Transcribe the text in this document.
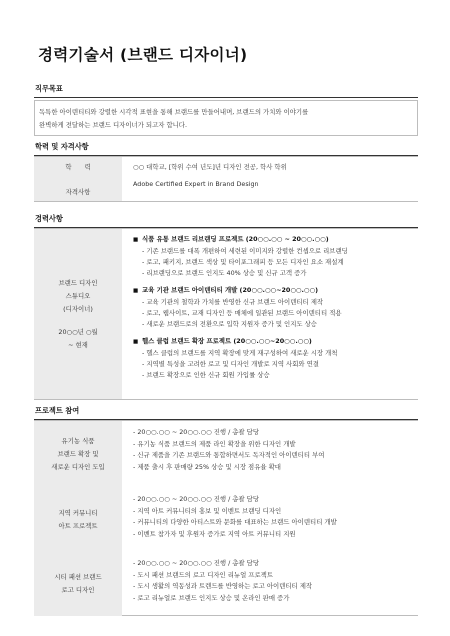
경력기술서 (브랜드 디자이너)
직무목표
독특한 아이덴티티와 강렬한 시각적 표현을 통해 브랜드를 만들어내며, 브랜드의 가치와 이야기를
완벽하게 전달하는 브랜드 디자이너가 되고자 합니다.
학력 및 자격사항
학력	○○ 대학교, [학위 수여 년도]년 디자인 전공, 학사 학위
Adobe Certified Expert in Brand Design
자격사항
경력사항
브랜드 디자인
스튜디오
(디자이너)
20○○년 ○월
~ 현재
■ 식품 유통 브랜드 리브랜딩 프로젝트 (20○○.○○ ~ 20○○.○○)
- 기존 브랜드를 대폭 개편하여 세련된 이미지와 강렬한 컨셉으로 리브랜딩
- 로고, 패키지, 브랜드 색상 및 타이포그래피 등 모든 디자인 요소 재설계
- 리브랜딩으로 브랜드 인지도 40% 상승 및 신규 고객 증가
■ 교육 기관 브랜드 아이덴티티 개발 (20○○.○○~20○○.○○)
- 교육 기관의 철학과 가치를 반영한 신규 브랜드 아이덴티티 제작
- 로고, 웹사이트, 교재 디자인 등 매체에 일관된 브랜드 아이덴티티 적용
- 새로운 브랜드로의 전환으로 입학 지원자 증가 및 인지도 상승
■ 헬스 클럽 브랜드 확장 프로젝트 (20○○.○○~20○○.○○)
- 헬스 클럽의 브랜드를 지역 확장에 맞게 재구성하여 새로운 시장 개척
- 지역별 특성을 고려한 로고 및 디자인 개발로 지역 사회와 연결
- 브랜드 확장으로 인한 신규 회원 가입률 상승
프로젝트 참여
유기농 식품
브랜드 확장 및
새로운 디자인 도입
- 20○○.○○ ~ 20○○.○○ 진행 / 총괄 담당
- 유기농 식품 브랜드의 제품 라인 확장을 위한 디자인 개발
- 신규 제품을 기존 브랜드와 통합하면서도 독자적인 아이덴티티 부여
- 제품 출시 후 판매량 25% 상승 및 시장 점유율 확대
지역 커뮤니티
아트 프로젝트
- 20○○.○○ ~ 20○○.○○ 진행 / 총괄 담당
- 지역 아트 커뮤니티의 홍보 및 이벤트 브랜딩 디자인
- 커뮤니티의 다양한 아티스트와 문화를 대표하는 브랜드 아이덴티티 개발
- 이벤트 참가자 및 후원자 증가로 지역 아트 커뮤니티 지원
시티 패션 브랜드
로고 디자인
- 20○○.○○ ~ 20○○.○○ 진행 / 총괄 담당
- 도시 패션 브랜드의 로고 디자인 리뉴얼 프로젝트
- 도시 생활의 역동성과 트렌드를 반영하는 로고 아이덴티티 제작
- 로고 리뉴얼로 브랜드 인지도 상승 및 온라인 판매 증가
